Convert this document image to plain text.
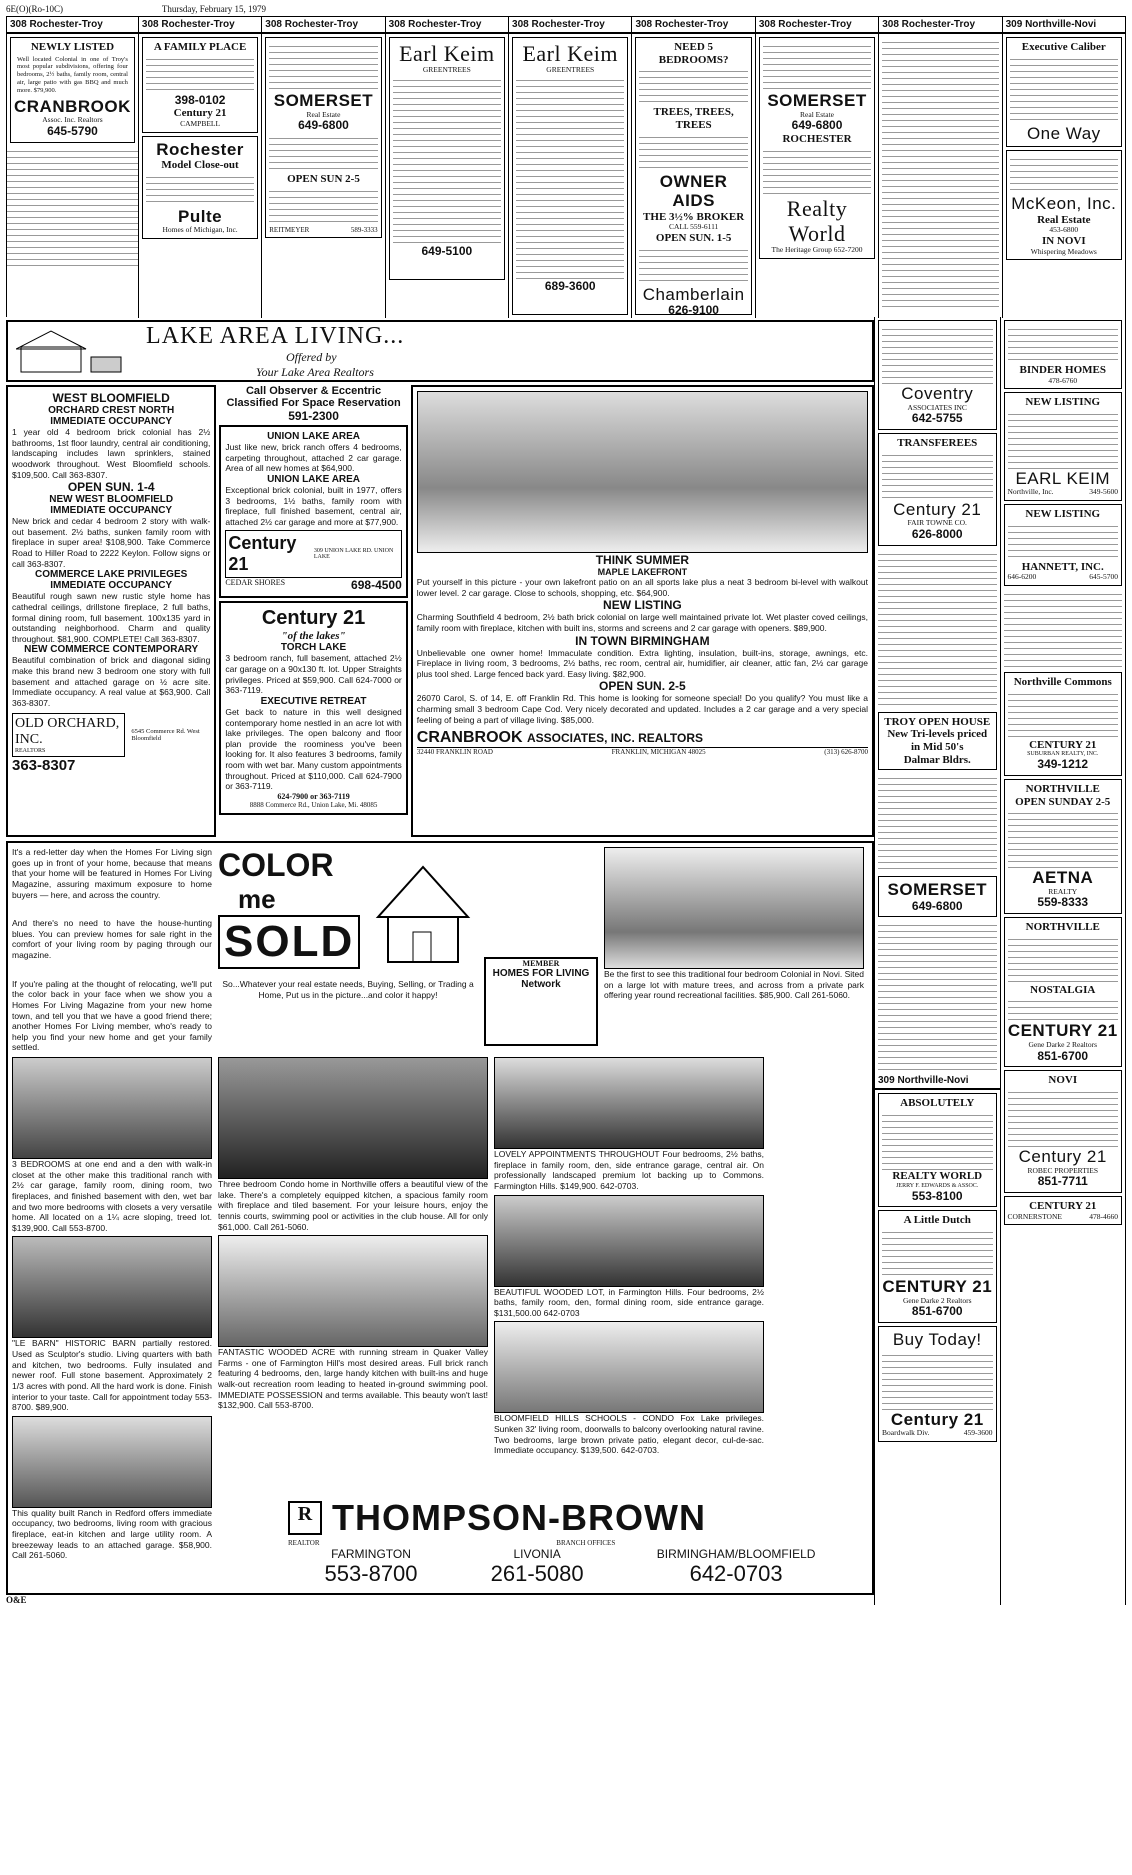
6E(O)(Ro-10C)	Thursday, February 15, 1979
308 Rochester-Troy
NEWLY LISTED
Well located Colonial in one of Troy's most popular subdivisions, offering four bedrooms, 2½ baths, family room, central air, large patio with gas BBQ and much more. $79,900.
CRANBROOK
Assoc. Inc. Realtors
645-5790
308 Rochester-Troy
A FAMILY PLACE
398-0102
Century 21
CAMPBELL
Rochester
Model Close-out
Pulte
Homes of Michigan, Inc.
308 Rochester-Troy
SOMERSET
Real Estate
649-6800
OPEN SUN 2-5
REITMEYER	589-3333
308 Rochester-Troy
Earl Keim
GREENTREES
649-5100
308 Rochester-Troy
Earl Keim
GREENTREES
689-3600
308 Rochester-Troy
NEED 5 BEDROOMS?
TREES, TREES, TREES
OWNER AIDS
THE 3½% BROKER
CALL 559-6111
OPEN SUN. 1-5
Chamberlain
626-9100
308 Rochester-Troy
SOMERSET
Real Estate
649-6800
ROCHESTER
Realty World
The Heritage Group 652-7200
308 Rochester-Troy	309 Northville-Novi
Executive Caliber
One Way
McKeon, Inc.
Real Estate
453-6800
IN NOVI
Whispering Meadows
LAKE AREA LIVING...
Offered by
Your Lake Area Realtors
WEST BLOOMFIELD
ORCHARD CREST NORTH
IMMEDIATE OCCUPANCY
1 year old 4 bedroom brick colonial has 2½ bathrooms, 1st floor laundry, central air conditioning, landscaping includes lawn sprinklers, stained woodwork throughout. West Bloomfield schools. $109,500. Call 363-8307.
OPEN SUN. 1-4
NEW WEST BLOOMFIELD
IMMEDIATE OCCUPANCY
New brick and cedar 4 bedroom 2 story with walk-out basement. 2½ baths, sunken family room with fireplace in super area! $108,900. Take Commerce Road to Hiller Road to 2222 Keylon. Follow signs or call 363-8307.
COMMERCE LAKE PRIVILEGES
IMMEDIATE OCCUPANCY
Beautiful rough sawn new rustic style home has cathedral ceilings, drillstone fireplace, 2 full baths, formal dining room, full basement. 100x135 yard in outstanding neighborhood. Charm and quality throughout. $81,900. COMPLETE! Call 363-8307.
NEW COMMERCE CONTEMPORARY
Beautiful combination of brick and diagonal siding make this brand new 3 bedroom one story with full basement and attached garage on ½ acre site. Immediate occupancy. A real value at $63,900. Call 363-8307.
OLD ORCHARD, INC.
REALTORS
6545 Commerce Rd. West Bloomfield
363-8307
Call Observer & Eccentric Classified For Space Reservation
591-2300
UNION LAKE AREA
Just like new, brick ranch offers 4 bedrooms, carpeting throughout, attached 2 car garage. Area of all new homes at $64,900.
UNION LAKE AREA
Exceptional brick colonial, built in 1977, offers 3 bedrooms, 1½ baths, family room with fireplace, full finished basement, central air, attached 2½ car garage and more at $77,900.
Century 21
309 UNION LAKE RD. UNION LAKE
CEDAR SHORES	698-4500
Century 21
"of the lakes"
TORCH LAKE
3 bedroom ranch, full basement, attached 2½ car garage on a 90x130 ft. lot. Upper Straights privileges. Priced at $59,900. Call 624-7000 or 363-7119.
EXECUTIVE RETREAT
Get back to nature in this well designed contemporary home nestled in an acre lot with lake privileges. The open balcony and floor plan provide the roominess you've been looking for. It also features 3 bedrooms, family room with wet bar. Many custom appointments throughout. Priced at $110,000. Call 624-7900 or 363-7119.
624-7900 or 363-7119
8888 Commerce Rd., Union Lake, Mi. 48085
THINK SUMMER
MAPLE LAKEFRONT
Put yourself in this picture - your own lakefront patio on an all sports lake plus a neat 3 bedroom bi-level with walkout lower level. 2 car garage. Close to schools, shopping, etc. $64,900.
NEW LISTING
Charming Southfield 4 bedroom, 2½ bath brick colonial on large well maintained private lot. Wet plaster coved ceilings, family room with fireplace, kitchen with built ins, storms and screens and 2 car garage with openers. $89,900.
IN TOWN BIRMINGHAM
Unbelievable one owner home! Immaculate condition. Extra lighting, insulation, built-ins, storage, awnings, etc. Fireplace in living room, 3 bedrooms, 2½ baths, rec room, central air, humidifier, air cleaner, attic fan, 2½ car garage plus tool shed. Large fenced back yard. Easy living. $82,900.
OPEN SUN. 2-5
26070 Carol, S. of 14, E. off Franklin Rd. This home is looking for someone special! Do you qualify? You must like a charming small 3 bedroom Cape Cod. Very nicely decorated and updated. Includes a 2 car garage and a very special feeling of being a part of village living. $85,000.
CRANBROOK ASSOCIATES, INC. REALTORS
32440 FRANKLIN ROAD	FRANKLIN, MICHIGAN 48025	(313) 626-8700
It's a red-letter day when the Homes For Living sign goes up in front of your home, because that means that your home will be featured in Homes For Living Magazine, assuring maximum exposure to home buyers — here, and across the country.

And there's no need to have the house-hunting blues. You can preview homes for sale right in the comfort of your living room by paging through our magazine.

If you're paling at the thought of relocating, we'll put the color back in your face when we show you a Homes For Living Magazine from your new home town, and tell you that we have a good friend there; another Homes For Living member, who's ready to help you find your new home and get your family settled.
COLOR
me
SOLD
So...Whatever your real estate needs, Buying, Selling, or Trading a Home, Put us in the picture...and color it happy!
MEMBER
HOMES FOR LIVING Network
Be the first to see this traditional four bedroom Colonial in Novi. Sited on a large lot with mature trees, and across from a private park offering year round recreational facilities. $85,900. Call 261-5060.
3 BEDROOMS at one end and a den with walk-in closet at the other make this traditional ranch with 2½ car garage, family room, dining room, two fireplaces, and finished basement with den, wet bar and two more bedrooms with closets a very versatile home. All located on a 1¼ acre sloping, treed lot. $139,900. Call 553-8700.
"LE BARN" HISTORIC BARN partially restored. Used as Sculptor's studio. Living quarters with bath and kitchen, two bedrooms. Fully insulated and newer roof. Full stone basement. Approximately 2 1/3 acres with pond. All the hard work is done. Finish interior to your taste. Call for appointment today 553-8700. $89,900.
This quality built Ranch in Redford offers immediate occupancy, two bedrooms, living room with gracious fireplace, eat-in kitchen and large utility room. A breezeway leads to an attached garage. $58,900. Call 261-5060.
Three bedroom Condo home in Northville offers a beautiful view of the lake. There's a completely equipped kitchen, a spacious family room with fireplace and tiled basement. For your leisure hours, enjoy the tennis courts, swimming pool or activities in the club house. All for only $61,000. Call 261-5060.
FANTASTIC WOODED ACRE with running stream in Quaker Valley Farms - one of Farmington Hill's most desired areas. Full brick ranch featuring 4 bedrooms, den, large handy kitchen with built-ins and huge walk-out recreation room leading to heated in-ground swimming pool. IMMEDIATE POSSESSION and terms available. This beauty won't last! $132,900. Call 553-8700.
LOVELY APPOINTMENTS THROUGHOUT Four bedrooms, 2½ baths, fireplace in family room, den, side entrance garage, central air. On professionally landscaped premium lot backing up to Commons. Farmington Hills. $149,900. 642-0703.
BEAUTIFUL WOODED LOT, in Farmington Hills. Four bedrooms, 2½ baths, family room, den, formal dining room, side entrance garage. $131,500.00 642-0703
BLOOMFIELD HILLS SCHOOLS - CONDO Fox Lake privileges. Sunken 32' living room, doorwalls to balcony overlooking natural ravine. Two bedrooms, large brown private patio, elegant decor, cul-de-sac. Immediate occupancy. $139,500. 642-0703.
R THOMPSON-BROWN
REALTOR	BRANCH OFFICES
FARMINGTON
553-8700
LIVONIA
261-5080
BIRMINGHAM/BLOOMFIELD
642-0703
O&E
Coventry
ASSOCIATES INC
642-5755
TRANSFEREES
Century 21
FAIR TOWNE CO.
626-8000
TROY OPEN HOUSE
New Tri-levels priced in Mid 50's
Dalmar Bldrs.
SOMERSET
649-6800
309 Northville-Novi
ABSOLUTELY
REALTY WORLD
JERRY F. EDWARDS & ASSOC.
553-8100
A Little Dutch
CENTURY 21
Gene Darke 2 Realtors
851-6700
Buy Today!
Century 21
Boardwalk Div.	459-3600
BINDER HOMES
478-6760
NEW LISTING
EARL KEIM
Northville, Inc.	349-5600
NEW LISTING
HANNETT, INC.
646-6200	645-5700
Northville Commons
CENTURY 21
SUBURBAN REALTY, INC.
349-1212
NORTHVILLE
OPEN SUNDAY 2-5
AETNA
REALTY
559-8333
NORTHVILLE
NOSTALGIA
CENTURY 21
Gene Darke 2 Realtors
851-6700
NOVI
Century 21
ROBEC PROPERTIES
851-7711
CENTURY 21
CORNERSTONE	478-4660
